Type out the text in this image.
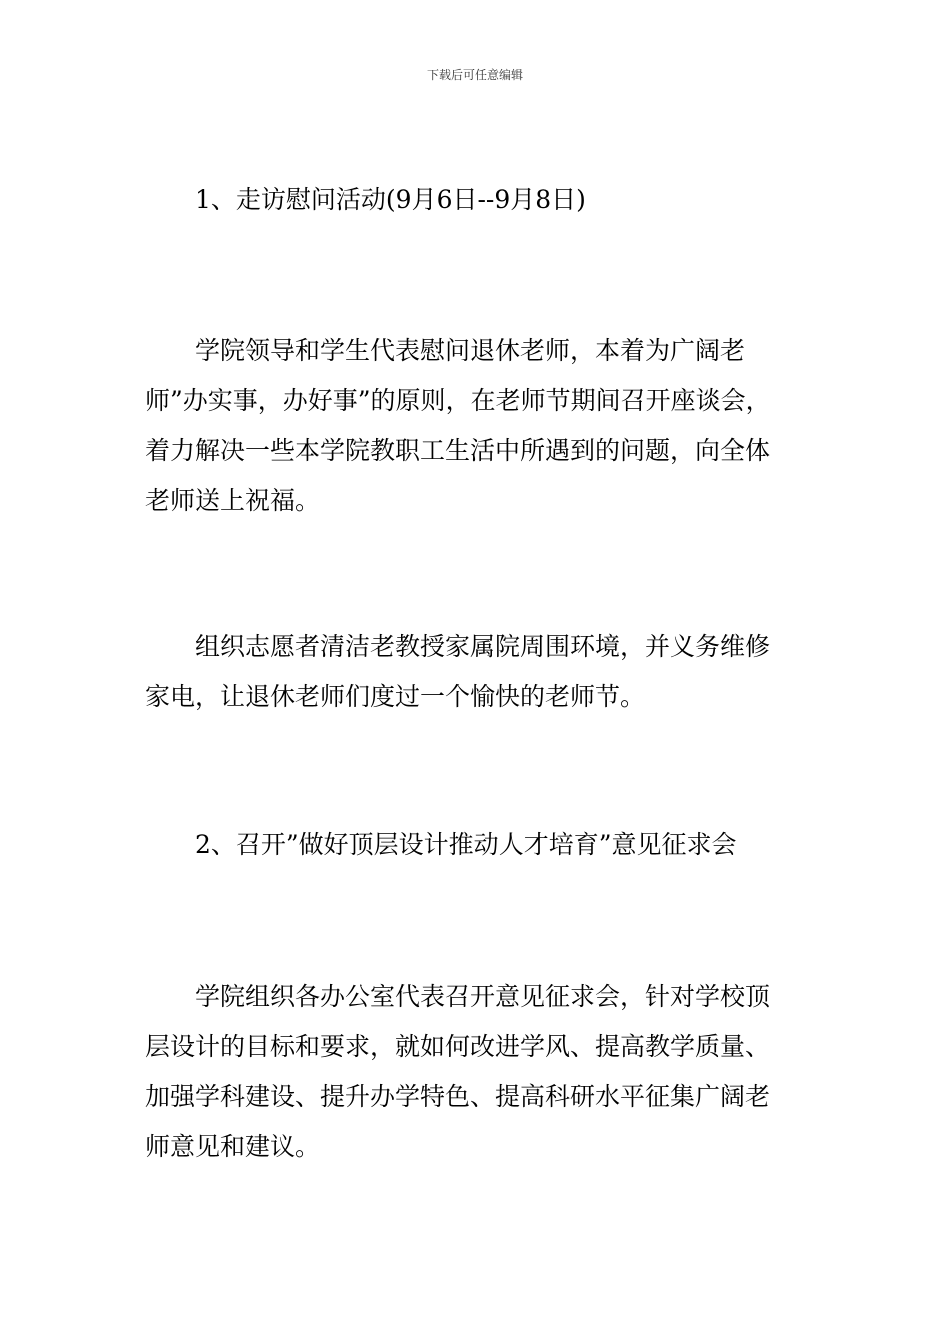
下载后可任意编辑
1、走访慰问活动(9月6日--9月8日)
学院领导和学生代表慰问退休老师，本着为广阔老
师”办实事，办好事”的原则，在老师节期间召开座谈会，
着力解决一些本学院教职工生活中所遇到的问题，向全体
老师送上祝福。
组织志愿者清洁老教授家属院周围环境，并义务维修
家电，让退休老师们度过一个愉快的老师节。
2、召开”做好顶层设计推动人才培育”意见征求会
学院组织各办公室代表召开意见征求会，针对学校顶
层设计的目标和要求，就如何改进学风、提高教学质量、
加强学科建设、提升办学特色、提高科研水平征集广阔老
师意见和建议。
